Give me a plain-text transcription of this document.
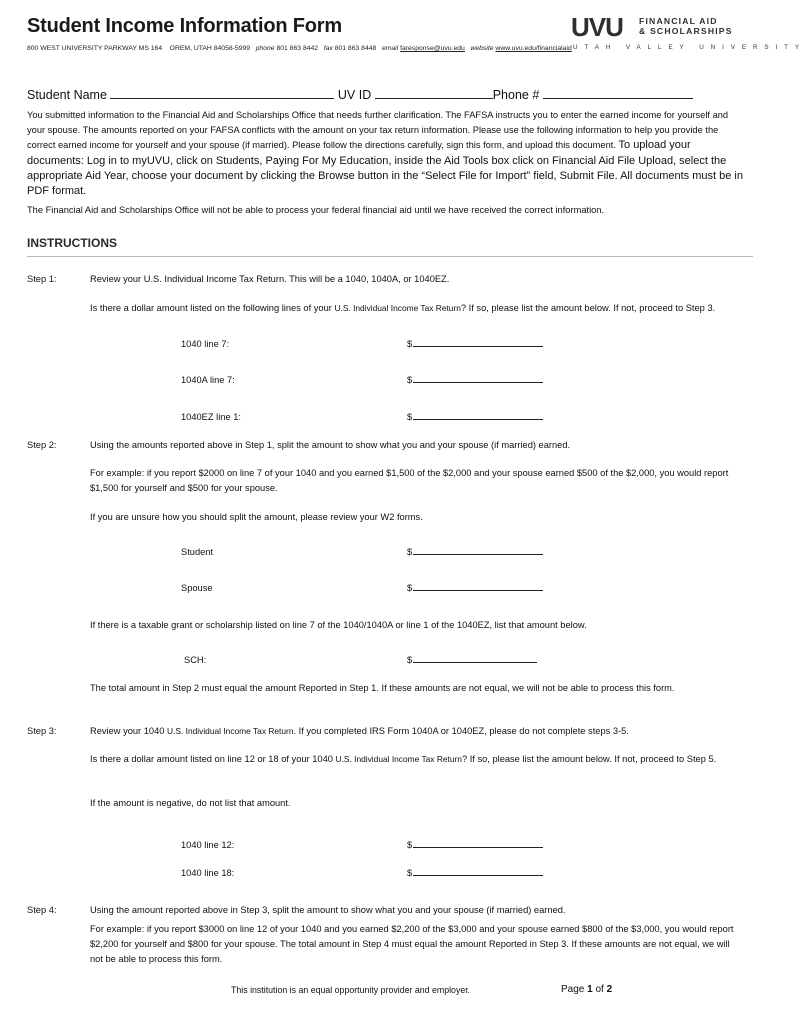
Student Income Information Form
800 WEST UNIVERSITY PARKWAY MS 164 OREM, UTAH 84058-5999 phone 801 863 8442 fax 801 863 8448 email faresponse@uvu.edu website www.uvu.edu/financialaid
UVU FINANCIAL AID
& SCHOLARSHIPS
UTAH VALLEY UNIVERSITY
Student Name	UV ID	Phone #
You submitted information to the Financial Aid and Scholarships Office that needs further clarification. The FAFSA instructs you to enter the earned income for yourself and your spouse. The amounts reported on your FAFSA conflicts with the amount on your tax return information. Please use the following information to help you provide the correct earned income for yourself and your spouse (if married). Please follow the directions carefully, sign this form, and upload this document. To upload your documents: Log in to myUVU, click on Students, Paying For My Education, inside the Aid Tools box click on Financial Aid File Upload, select the appropriate Aid Year, choose your document by clicking the Browse button in the “Select File for Import” field, Submit File. All documents must be in PDF format.
The Financial Aid and Scholarships Office will not be able to process your federal financial aid until we have received the correct information.
INSTRUCTIONS
Step 1:	Review your U.S. Individual Income Tax Return. This will be a 1040, 1040A, or 1040EZ.
Is there a dollar amount listed on the following lines of your U.S. Individual Income Tax Return? If so, please list the amount below. If not, proceed to Step 3.
1040 line 7:	$
1040A line 7:	$
1040EZ line 1:	$
Step 2:	Using the amounts reported above in Step 1, split the amount to show what you and your spouse (if married) earned.
For example: if you report $2000 on line 7 of your 1040 and you earned $1,500 of the $2,000 and your spouse earned $500 of the $2,000, you would report $1,500 for yourself and $500 for your spouse.
If you are unsure how you should split the amount, please review your W2 forms.
Student	$
Spouse	$
If there is a taxable grant or scholarship listed on line 7 of the 1040/1040A or line 1 of the 1040EZ, list that amount below.
SCH:	$
The total amount in Step 2 must equal the amount Reported in Step 1. If these amounts are not equal, we will not be able to process this form.
Step 3:	Review your 1040 U.S. Individual Income Tax Return. If you completed IRS Form 1040A or 1040EZ, please do not complete steps 3-5.
Is there a dollar amount listed on line 12 or 18 of your 1040 U.S. Individual Income Tax Return? If so, please list the amount below. If not, proceed to Step 5.
If the amount is negative, do not list that amount.
1040 line 12:	$
1040 line 18:	$
Step 4:	Using the amount reported above in Step 3, split the amount to show what you and your spouse (if married) earned.
For example: if you report $3000 on line 12 of your 1040 and you earned $2,200 of the $3,000 and your spouse earned $800 of the $3,000, you would report $2,200 for yourself and $800 for your spouse. The total amount in Step 4 must equal the amount Reported in Step 3. If these amounts are not equal, we will not be able to process this form.
This institution is an equal opportunity provider and employer.	Page 1 of 2
